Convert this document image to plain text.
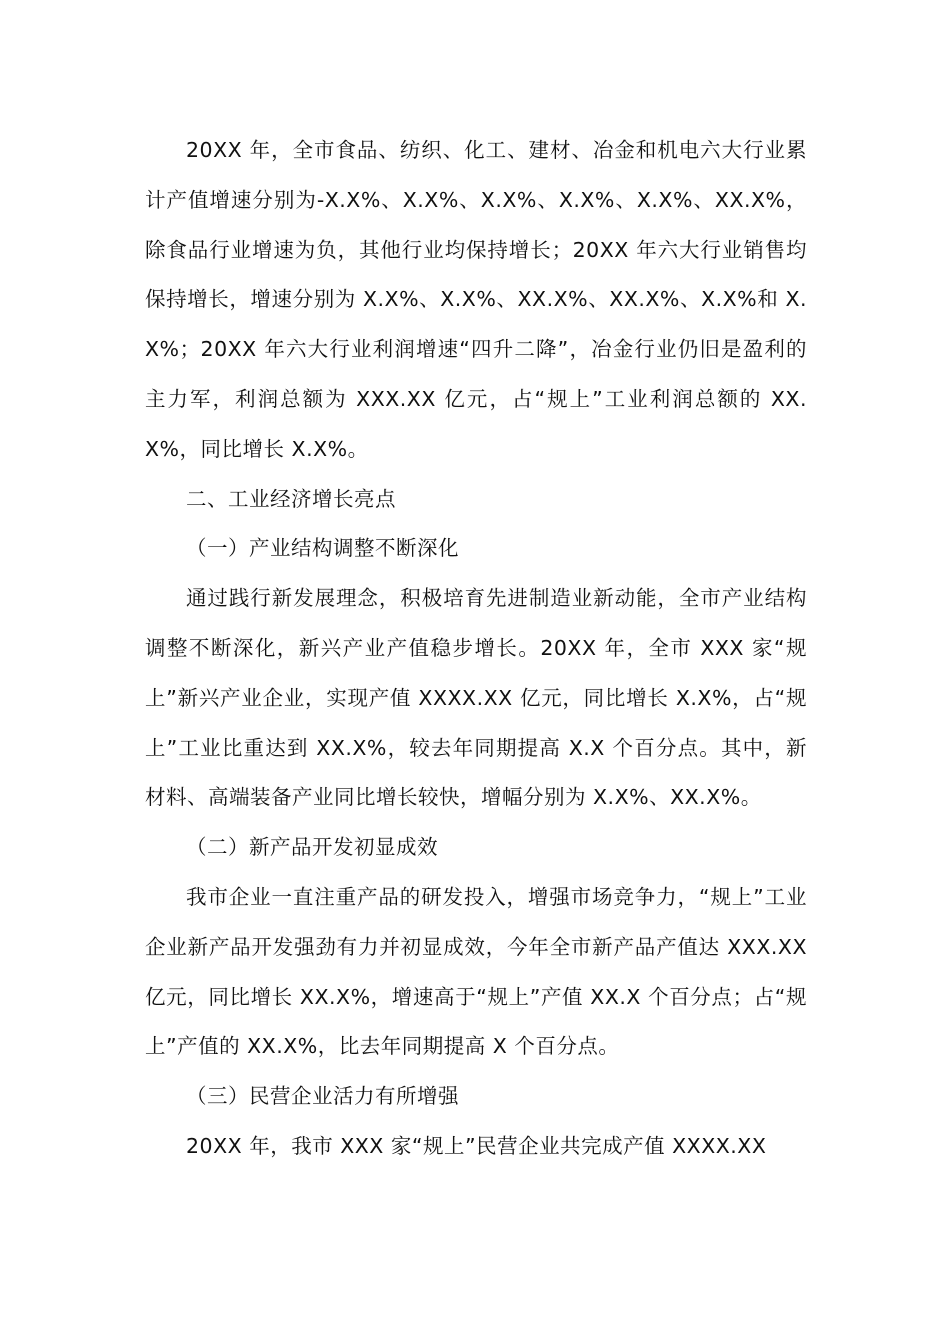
20XX 年，全市食品、纺织、化工、建材、冶金和机电六大行业累计产值增速分别为-X.X%、X.X%、X.X%、X.X%、X.X%、XX.X%，除食品行业增速为负，其他行业均保持增长；20XX 年六大行业销售均保持增长，增速分别为 X.X%、X.X%、XX.X%、XX.X%、X.X%和 X.X%；20XX 年六大行业利润增速“四升二降”，冶金行业仍旧是盈利的主力军，利润总额为 XXX.XX 亿元，占“规上”工业利润总额的 XX.X%，同比增长 X.X%。

二、工业经济增长亮点

（一）产业结构调整不断深化

通过践行新发展理念，积极培育先进制造业新动能，全市产业结构调整不断深化，新兴产业产值稳步增长。20XX 年，全市 XXX 家“规上”新兴产业企业，实现产值 XXXX.XX 亿元，同比增长 X.X%，占“规上”工业比重达到 XX.X%，较去年同期提高 X.X 个百分点。其中，新材料、高端装备产业同比增长较快，增幅分别为 X.X%、XX.X%。

（二）新产品开发初显成效

我市企业一直注重产品的研发投入，增强市场竞争力，“规上”工业企业新产品开发强劲有力并初显成效，今年全市新产品产值达 XXX.XX 亿元，同比增长 XX.X%，增速高于“规上”产值 XX.X 个百分点；占“规上”产值的 XX.X%，比去年同期提高 X 个百分点。

（三）民营企业活力有所增强

20XX 年，我市 XXX 家“规上”民营企业共完成产值 XXXX.XX
